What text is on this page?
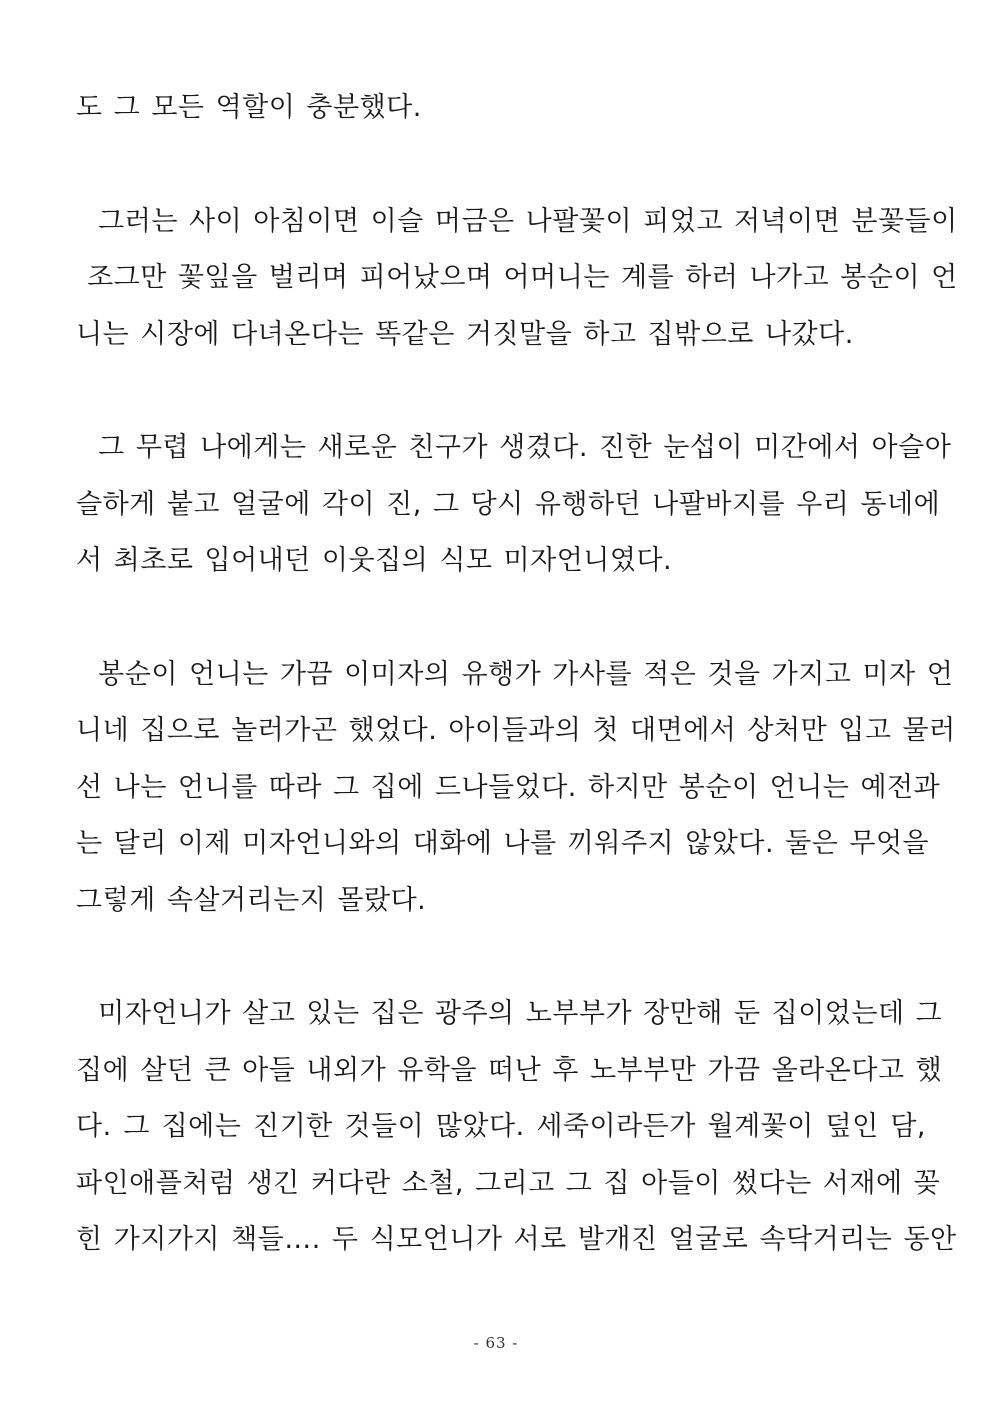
도 그 모든 역할이 충분했다.
그러는 사이 아침이면 이슬 머금은 나팔꽃이 피었고 저녁이면 분꽃들이
조그만 꽃잎을 벌리며 피어났으며 어머니는 계를 하러 나가고 봉순이 언
니는 시장에 다녀온다는 똑같은 거짓말을 하고 집밖으로 나갔다.
그 무렵 나에게는 새로운 친구가 생겼다. 진한 눈섭이 미간에서 아슬아
슬하게 붙고 얼굴에 각이 진, 그 당시 유행하던 나팔바지를 우리 동네에
서 최초로 입어내던 이웃집의 식모 미자언니였다.
봉순이 언니는 가끔 이미자의 유행가 가사를 적은 것을 가지고 미자 언
니네 집으로 놀러가곤 했었다. 아이들과의 첫 대면에서 상처만 입고 물러
선 나는 언니를 따라 그 집에 드나들었다. 하지만 봉순이 언니는 예전과
는 달리 이제 미자언니와의 대화에 나를 끼워주지 않았다. 둘은 무엇을
그렇게 속살거리는지 몰랐다.
미자언니가 살고 있는 집은 광주의 노부부가 장만해 둔 집이었는데 그
집에 살던 큰 아들 내외가 유학을 떠난 후 노부부만 가끔 올라온다고 했
다. 그 집에는 진기한 것들이 많았다. 세죽이라든가 월계꽃이 덮인 담,
파인애플처럼 생긴 커다란 소철, 그리고 그 집 아들이 썼다는 서재에 꽂
힌 가지가지 책들…. 두 식모언니가 서로 발개진 얼굴로 속닥거리는 동안
- 63 -
